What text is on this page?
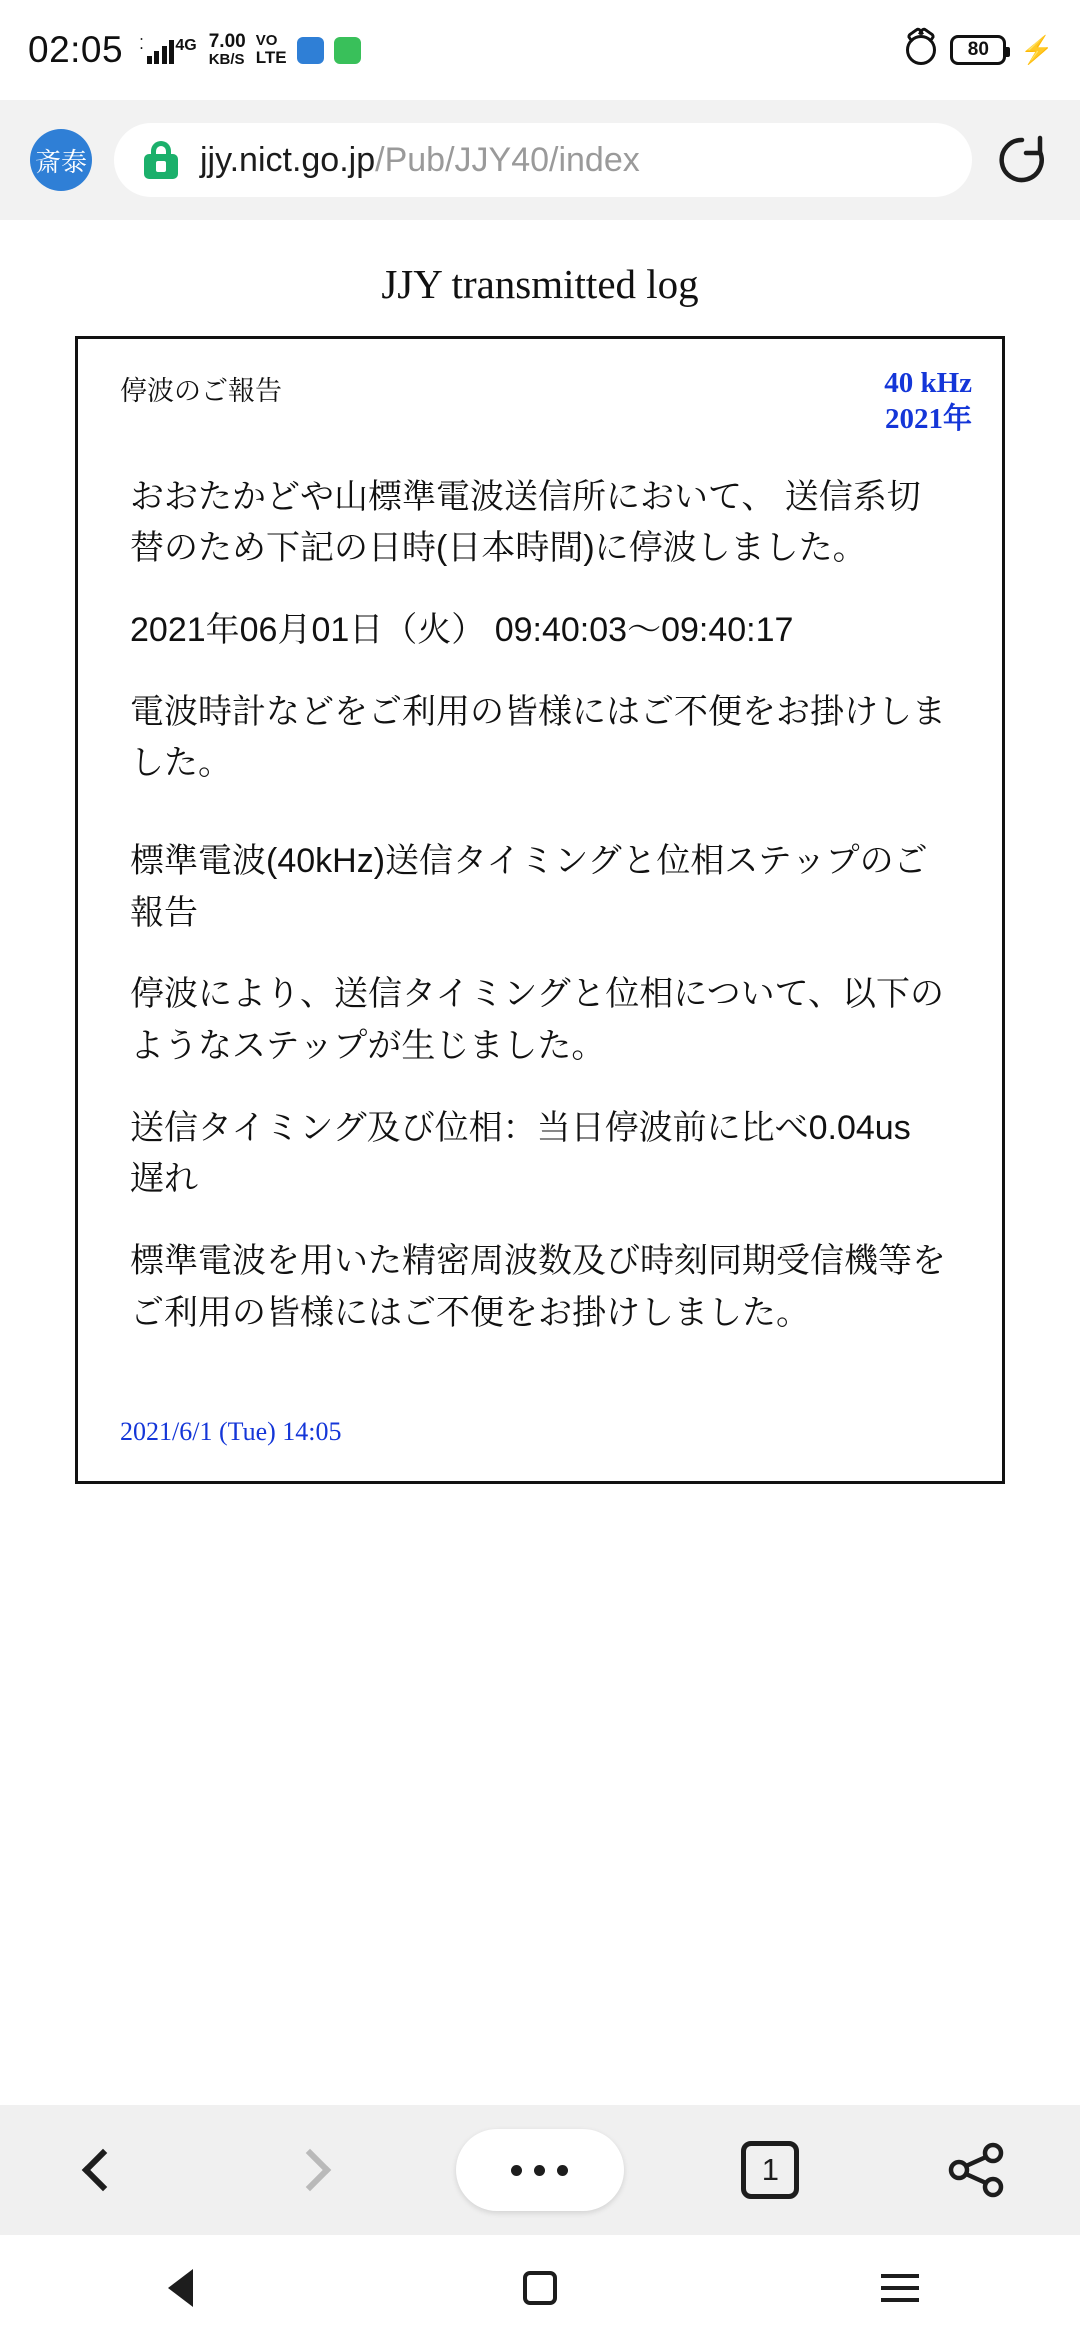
02:05 ⁚ 4G 7.00
KB/S
VO
LTE	80 ⚡
斎泰	jjy.nict.go.jp/Pub/JJY40/index
JJY transmitted log
停波のご報告	40 kHz
2021年

おおたかどや山標準電波送信所において、 送信系切替のため下記の日時(日本時間)に停波しました。

2021年06月01日（火） 09:40:03〜09:40:17

電波時計などをご利用の皆様にはご不便をお掛けしました。

標準電波(40kHz)送信タイミングと位相ステップのご報告

停波により、送信タイミングと位相について、以下の ようなステップが生じました。

送信タイミング及び位相：当日停波前に比べ0.04us 遅れ

標準電波を用いた精密周波数及び時刻同期受信機等を ご利用の皆様にはご不便をお掛けしました。

2021/6/1 (Tue) 14:05
1
